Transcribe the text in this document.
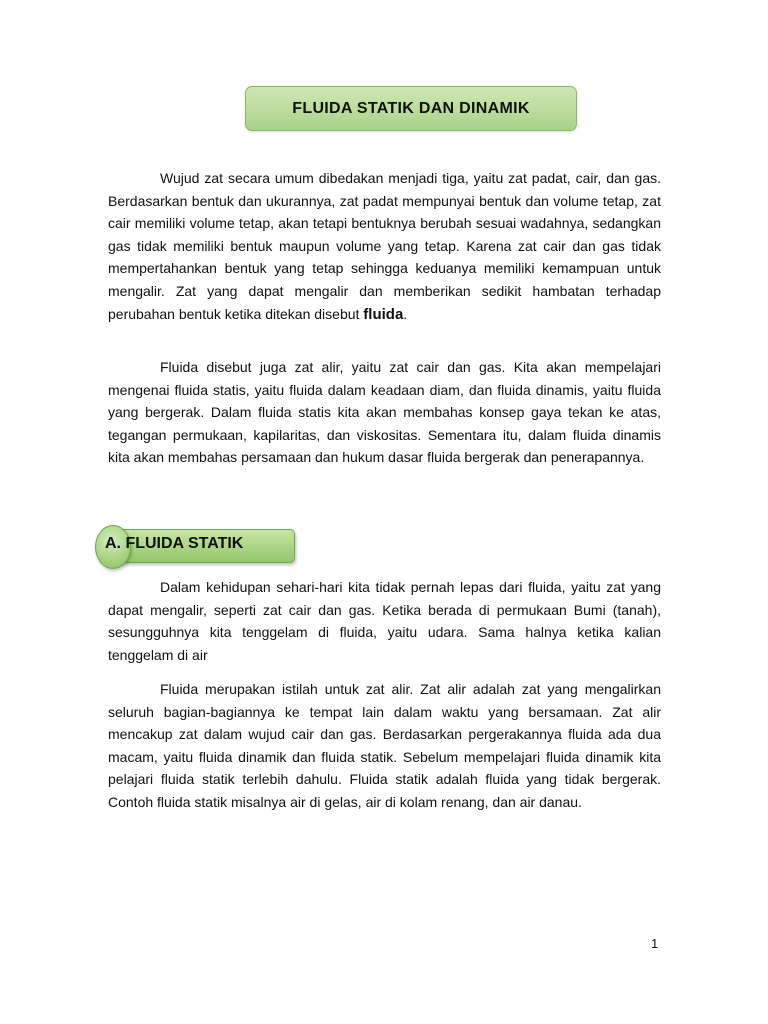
FLUIDA STATIK DAN DINAMIK

Wujud zat secara umum dibedakan menjadi tiga, yaitu zat padat, cair, dan gas. Berdasarkan bentuk dan ukurannya, zat padat mempunyai bentuk dan volume tetap, zat cair memiliki volume tetap, akan tetapi bentuknya berubah sesuai wadahnya, sedangkan gas tidak memiliki bentuk maupun volume yang tetap. Karena zat cair dan gas tidak mempertahankan bentuk yang tetap sehingga keduanya memiliki kemampuan untuk mengalir. Zat yang dapat mengalir dan memberikan sedikit hambatan terhadap perubahan bentuk ketika ditekan disebut fluida.

Fluida disebut juga zat alir, yaitu zat cair dan gas. Kita akan mempelajari mengenai fluida statis, yaitu fluida dalam keadaan diam, dan fluida dinamis, yaitu fluida yang bergerak. Dalam fluida statis kita akan membahas konsep gaya tekan ke atas, tegangan permukaan, kapilaritas, dan viskositas. Sementara itu, dalam fluida dinamis kita akan membahas persamaan dan hukum dasar fluida bergerak dan penerapannya.

A. FLUIDA STATIK

Dalam kehidupan sehari-hari kita tidak pernah lepas dari fluida, yaitu zat yang dapat mengalir, seperti zat cair dan gas. Ketika berada di permukaan Bumi (tanah), sesungguhnya kita tenggelam di fluida, yaitu udara. Sama halnya ketika kalian tenggelam di air

Fluida merupakan istilah untuk zat alir. Zat alir adalah zat yang mengalirkan seluruh bagian-bagiannya ke tempat lain dalam waktu yang bersamaan. Zat alir mencakup zat dalam wujud cair dan gas. Berdasarkan pergerakannya fluida ada dua macam, yaitu fluida dinamik dan fluida statik. Sebelum mempelajari fluida dinamik kita pelajari fluida statik terlebih dahulu. Fluida statik adalah fluida yang tidak bergerak. Contoh fluida statik misalnya air di gelas, air di kolam renang, dan air danau.

1
